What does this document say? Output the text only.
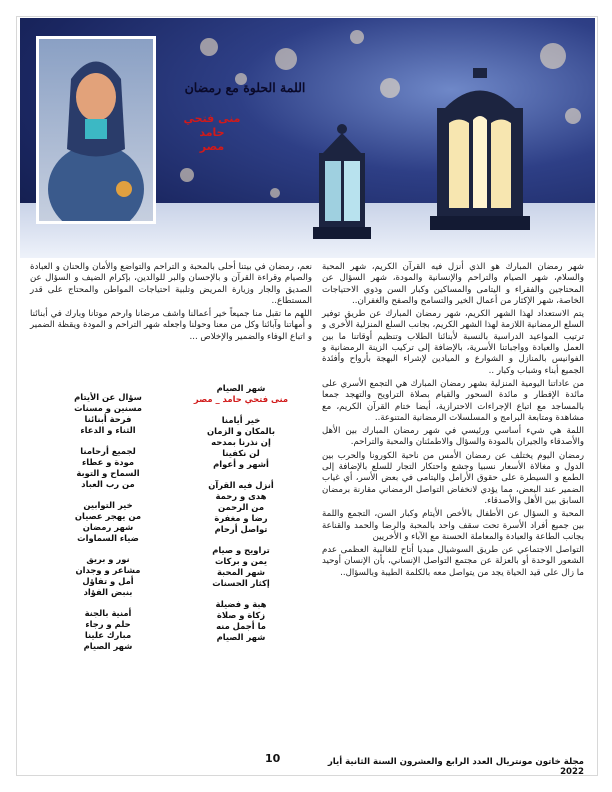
اللمة الحلوة مع رمضان
منى فتحي حامد
مصر

شهر رمضان المبارك هو الذي أنزل فيه القرآن الكريم، شهر المحبة والسلام، شهر الصيام والتراحم والإنسانية والمودة، شهر السؤال عن المحتاجين والفقراء و اليتامى والمساكين وكبار السن وذوي الاحتياجات الخاصة، شهر الإكثار من أعمال الخير والتسامح والصفح والغفران..

يتم الاستعداد لهذا الشهر الكريم، شهر رمضان المبارك عن طريق توفير السلع الرمضانية اللازمة لهذا الشهر الكريم، بجانب السلع المنزلية الأخرى و ترتيب المواعيد الدراسية بالنسبة لأبنائنا الطلاب وتنظيم أوقاتنا ما بين العمل والعبادة وواجباتنا الأسرية، بالإضافة إلى تركيب الزينة الرمضانية و الفوانيس بالمنازل و الشوارع و الميادين لإشراء البهجة بأرواح وأفئدة الجميع أبناء وشباب وكبار ..

من عاداتنا اليومية المنزلية بشهر رمضان المبارك هي التجمع الأسري على مائدة الإفطار و مائدة السحور والقيام بصلاة التراويح والتهجد جمعا بالمساجد مع اتباع الإجراءات الاحترازية، أيضا ختام القرآن الكريم، مع مشاهدة ومتابعة البرامج و المسلسلات الرمضانية المتنوعة..

اللمة هي شيء أساسي ورئيسي في شهر رمضان المبارك بين الأهل والأصدقاء والجيران بالمودة والسؤال والاطمئنان والمحبة والتراحم.

رمضان اليوم يختلف عن رمضان الأمس من ناحية الكورونا والحرب بين الدول و مغالاة الأسعار نسبيا وجشع واحتكار التجار للسلع بالإضافة إلى الطمع و السيطرة على حقوق الأرامل واليتامى في بعض الأسر، أي غياب الضمير عند البعض، مما يؤدي لانخفاض التواصل الرمضاني مقارنة برمضان السابق بين الأهل والأصدقاء.

المحبة و السؤال عن الأطفال بالأخص الأيتام وكبار السن، التجمع واللمة بين جميع أفراد الأسرة تحت سقف واحد بالمحبة والرضا والحمد والقناعة بجانب الطاعة والعبادة والمعاملة الحسنة مع الآباء و الأخريين

التواصل الاجتماعي عن طريق السوشيال ميديا أتاح للغالبية العظمى عدم الشعور الوحدة أو بالعزلة عن مجتمع التواصل الإنساني، بأن الإنسان أوحيد ما زال على قيد الحياة يجد من يتواصل معه بالكلمة الطيبة وبالسؤال..

نعم، رمضان في بيتنا أحلى بالمحبة و التراحم والتواضع والأمان والحنان و العبادة والصيام وقراءة القرآن و بالإحسان والبر للوالدين، بإكرام الضيف و السؤال عن الصديق والجار وزيارة المريض وتلبية احتياجات المواطن والمحتاج على قدر المستطاع..

اللهم ما تقبل منا جميعاً خير أعمالنا واشف مرضانا وارحم موتانا وبارك في أبنائنا و أمهاتنا وآبائنا وكل من معنا وحولنا واجعله شهر التراحم و المودة ويقظة الضمير و اتباع الوفاء والضمير والإخلاص ...

شهر الصيام
منى فتحي حامد _ مصر
خير أيامنا
بالمكان و الزمان
إن نذرنا بمدحه
لن نكفينا
أشهر و أعوام
أنزل فيه القرآن
هدى و رحمة
من الرحمن
رضا و مغفرة
تواصل أرحام
تراويح و صيام
يمن و بركات
شهر المحبة
إكثار الحسنات
هبة و فضيلة
زكاة و صلاة
ما أجمل منه
شهر الصيام
سؤال عن الأيتام
مسنين و مسنات
فرحة أبنائنا
الثناء و الدعاء
لجميع أرحامنا
مودة و عطاء
السماح و التوبة
من رب العباد
خير التوابين
من يهجر عصيان
شهر رمضان
ضياء السماوات
نور و بريق
مشاعر و وجدان
أمل و تفاؤل
بنبض الفؤاد
أمنية بالجنة
حلم و رجاء
مبارك علينا
شهر الصيام
10	مجلة خاتون مونتريال العدد الرابع والعشرون السنة الثانية أيار 2022
